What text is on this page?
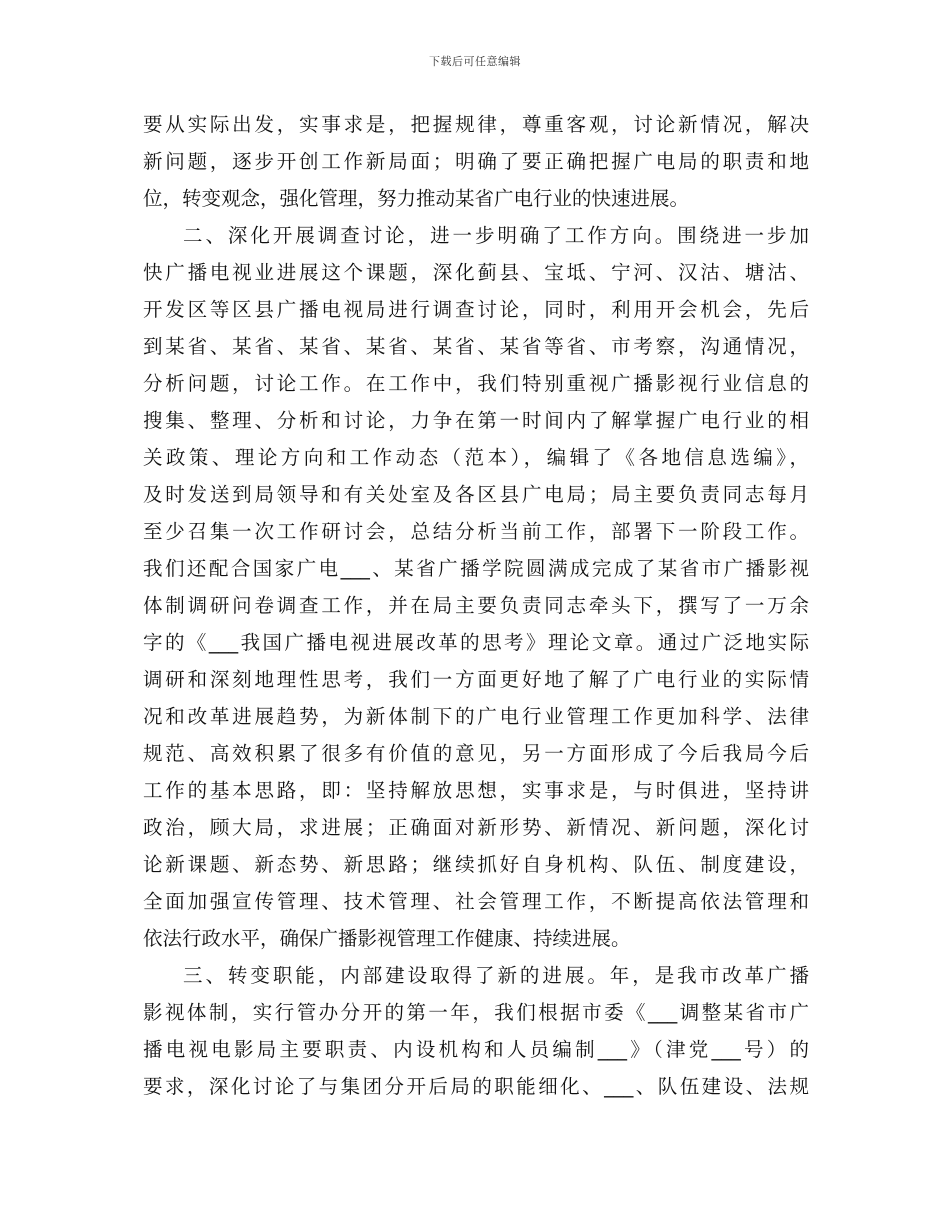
下载后可任意编辑
要从实际出发，实事求是，把握规律，尊重客观，讨论新情况，解决
新问题，逐步开创工作新局面；明确了要正确把握广电局的职责和地
位，转变观念，强化管理，努力推动某省广电行业的快速进展。
二、深化开展调查讨论，进一步明确了工作方向。围绕进一步加
快广播电视业进展这个课题，深化蓟县、宝坻、宁河、汉沽、塘沽、
开发区等区县广播电视局进行调查讨论，同时，利用开会机会，先后
到某省、某省、某省、某省、某省、某省等省、市考察，沟通情况，
分析问题，讨论工作。在工作中，我们特别重视广播影视行业信息的
搜集、整理、分析和讨论，力争在第一时间内了解掌握广电行业的相
关政策、理论方向和工作动态（范本），编辑了《各地信息选编》，
及时发送到局领导和有关处室及各区县广电局；局主要负责同志每月
至少召集一次工作研讨会，总结分析当前工作，部署下一阶段工作。
我们还配合国家广电___、某省广播学院圆满成完成了某省市广播影视
体制调研问卷调查工作，并在局主要负责同志牵头下，撰写了一万余
字的《___我国广播电视进展改革的思考》理论文章。通过广泛地实际
调研和深刻地理性思考，我们一方面更好地了解了广电行业的实际情
况和改革进展趋势，为新体制下的广电行业管理工作更加科学、法律
规范、高效积累了很多有价值的意见，另一方面形成了今后我局今后
工作的基本思路，即：坚持解放思想，实事求是，与时俱进，坚持讲
政治，顾大局，求进展；正确面对新形势、新情况、新问题，深化讨
论新课题、新态势、新思路；继续抓好自身机构、队伍、制度建设，
全面加强宣传管理、技术管理、社会管理工作，不断提高依法管理和
依法行政水平，确保广播影视管理工作健康、持续进展。
三、转变职能，内部建设取得了新的进展。年，是我市改革广播
影视体制，实行管办分开的第一年，我们根据市委《___调整某省市广
播电视电影局主要职责、内设机构和人员编制___》（津党___号）的
要求，深化讨论了与集团分开后局的职能细化、___、队伍建设、法规
